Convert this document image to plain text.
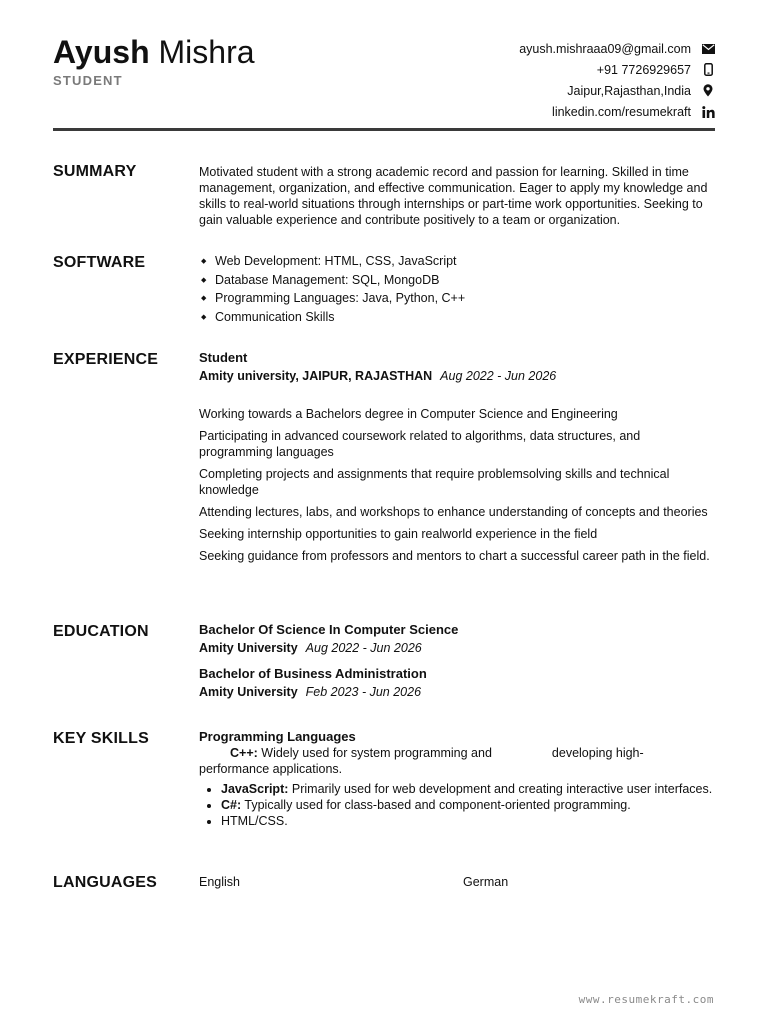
Ayush Mishra
STUDENT
ayush.mishraaa09@gmail.com
+91 7726929657
Jaipur,Rajasthan,India
linkedin.com/resumekraft
SUMMARY	Motivated student with a strong academic record and passion for learning. Skilled in time management, organization, and effective communication. Eager to apply my knowledge and skills to real-world situations through internships or part-time work opportunities. Seeking to gain valuable experience and contribute positively to a team or organization.
SOFTWARE
◆	Web Development: HTML, CSS, JavaScript
◆ Database Management: SQL, MongoDB
◆ Programming Languages: Java, Python, C++
◆ Communication Skills
EXPERIENCE	Student
Amity university, JAIPUR, RAJASTHAN Aug 2022 - Jun 2026

Working towards a Bachelors degree in Computer Science and Engineering

Participating in advanced coursework related to algorithms, data structures, and programming languages

Completing projects and assignments that require problemsolving skills and technical knowledge

Attending lectures, labs, and workshops to enhance understanding of concepts and theories

Seeking internship opportunities to gain realworld experience in the field

Seeking guidance from professors and mentors to chart a successful career path in the field.

EDUCATION	Bachelor Of Science In Computer Science
Amity University Aug 2022 - Jun 2026
Bachelor of Business Administration
Amity University Feb 2023 - Jun 2026
KEY SKILLS	Programming Languages
C++: Widely used for system programming and	developing high-
performance applications.
• JavaScript: Primarily used for web development and creating interactive user interfaces.
• C#: Typically used for class-based and component-oriented programming.
• HTML/CSS.
LANGUAGES	English	German
www.resumekraft.com
